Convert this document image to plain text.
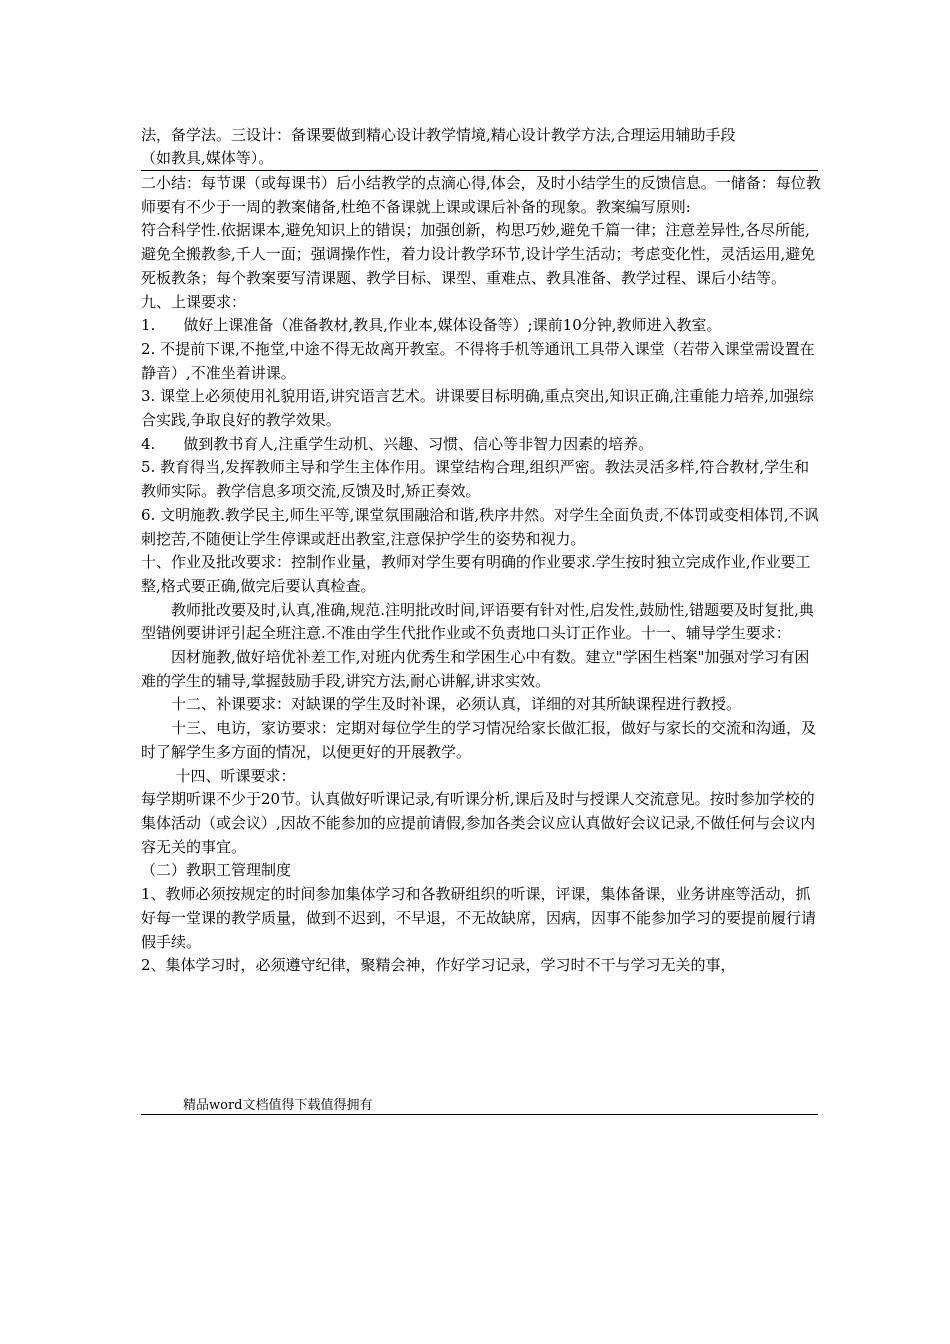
法，备学法。三设计：备课要做到精心设计教学情境,精心设计教学方法,合理运用辅助手段
（如教具,媒体等）。

二小结：每节课（或每课书）后小结教学的点滴心得,体会，及时小结学生的反馈信息。一储备：每位教师要有不少于一周的教案储备,杜绝不备课就上课或课后补备的现象。教案编写原则:

符合科学性.依据课本,避免知识上的错误；加强创新，构思巧妙,避免千篇一律；注意差异性,各尽所能,避免全搬教参,千人一面；强调操作性，着力设计教学环节,设计学生活动；考虑变化性，灵活运用,避免死板教条；每个教案要写清课题、教学目标、课型、重难点、教具准备、教学过程、课后小结等。

九、上课要求：

1. 做好上课准备（准备教材,教具,作业本,媒体设备等）;课前10分钟,教师进入教室。

2. 不提前下课,不拖堂,中途不得无故离开教室。不得将手机等通讯工具带入课堂（若带入课堂需设置在静音）,不准坐着讲课。

3. 课堂上必须使用礼貌用语,讲究语言艺术。讲课要目标明确,重点突出,知识正确,注重能力培养,加强综合实践,争取良好的教学效果。

4. 做到教书育人,注重学生动机、兴趣、习惯、信心等非智力因素的培养。

5. 教育得当,发挥教师主导和学生主体作用。课堂结构合理,组织严密。教法灵活多样,符合教材,学生和教师实际。教学信息多项交流,反馈及时,矫正奏效。

6. 文明施教.教学民主,师生平等,课堂氛围融洽和谐,秩序井然。对学生全面负责,不体罚或变相体罚,不讽刺挖苦,不随便让学生停课或赶出教室,注意保护学生的姿势和视力。

十、作业及批改要求：控制作业量，教师对学生要有明确的作业要求.学生按时独立完成作业,作业要工整,格式要正确,做完后要认真检查。

教师批改要及时,认真,准确,规范.注明批改时间,评语要有针对性,启发性,鼓励性,错题要及时复批,典型错例要讲评引起全班注意.不准由学生代批作业或不负责地口头订正作业。十一、辅导学生要求：

因材施教,做好培优补差工作,对班内优秀生和学困生心中有数。建立"学困生档案"加强对学习有困难的学生的辅导,掌握鼓励手段,讲究方法,耐心讲解,讲求实效。

十二、补课要求：对缺课的学生及时补课，必须认真，详细的对其所缺课程进行教授。

十三、电访，家访要求：定期对每位学生的学习情况给家长做汇报，做好与家长的交流和沟通，及时了解学生多方面的情况，以便更好的开展教学。

十四、听课要求：

每学期听课不少于20节。认真做好听课记录,有听课分析,课后及时与授课人交流意见。按时参加学校的集体活动（或会议）,因故不能参加的应提前请假,参加各类会议应认真做好会议记录,不做任何与会议内容无关的事宜。

（二）教职工管理制度

1、教师必须按规定的时间参加集体学习和各教研组织的听课，评课，集体备课，业务讲座等活动，抓好每一堂课的教学质量，做到不迟到，不早退，不无故缺席，因病，因事不能参加学习的要提前履行请假手续。

2、集体学习时，必须遵守纪律，聚精会神，作好学习记录，学习时不干与学习无关的事，

精品word文档值得下载值得拥有
